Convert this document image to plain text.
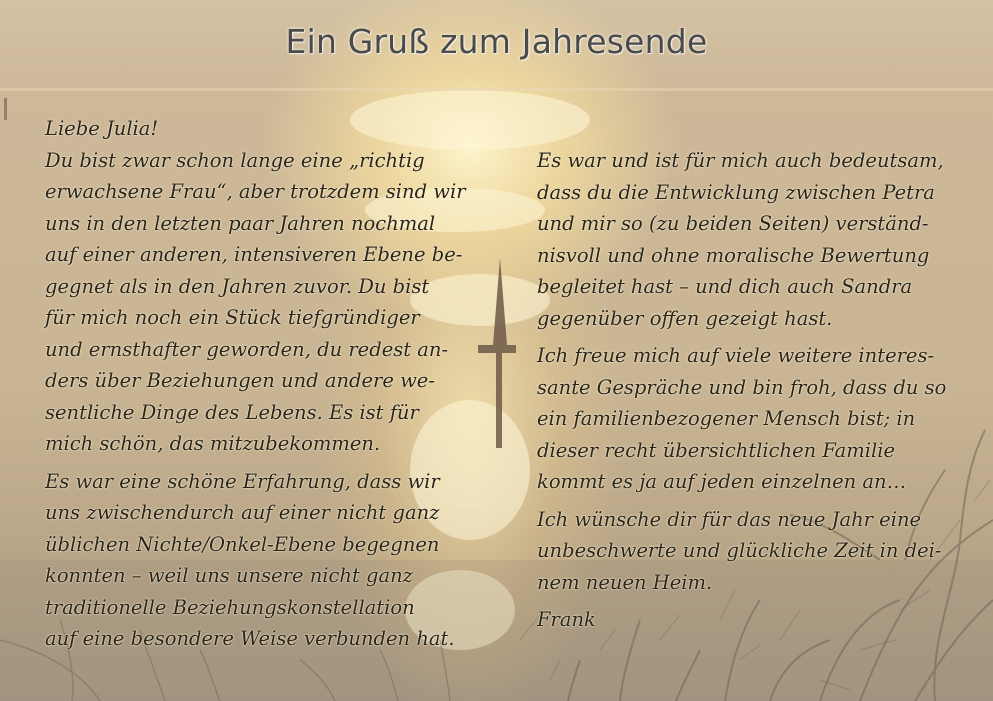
Ein Gruß zum Jahresende

Liebe Julia!

Du bist zwar schon lange eine „richtig

erwachsene Frau“, aber trotzdem sind wir

uns in den letzten paar Jahren nochmal

auf einer anderen, intensiveren Ebene be-

gegnet als in den Jahren zuvor. Du bist

für mich noch ein Stück tiefgründiger

und ernsthafter geworden, du redest an-

ders über Beziehungen und andere we-

sentliche Dinge des Lebens. Es ist für

mich schön, das mitzubekommen.

Es war eine schöne Erfahrung, dass wir

uns zwischendurch auf einer nicht ganz

üblichen Nichte/Onkel-Ebene begegnen

konnten – weil uns unsere nicht ganz

traditionelle Beziehungskonstellation

auf eine besondere Weise verbunden hat.

Es war und ist für mich auch bedeutsam,

dass du die Entwicklung zwischen Petra

und mir so (zu beiden Seiten) verständ-

nisvoll und ohne moralische Bewertung

begleitet hast – und dich auch Sandra

gegenüber offen gezeigt hast.

Ich freue mich auf viele weitere interes-

sante Gespräche und bin froh, dass du so

ein familienbezogener Mensch bist; in

dieser recht übersichtlichen Familie

kommt es ja auf jeden einzelnen an…

Ich wünsche dir für das neue Jahr eine

unbeschwerte und glückliche Zeit in dei-

nem neuen Heim.

Frank
